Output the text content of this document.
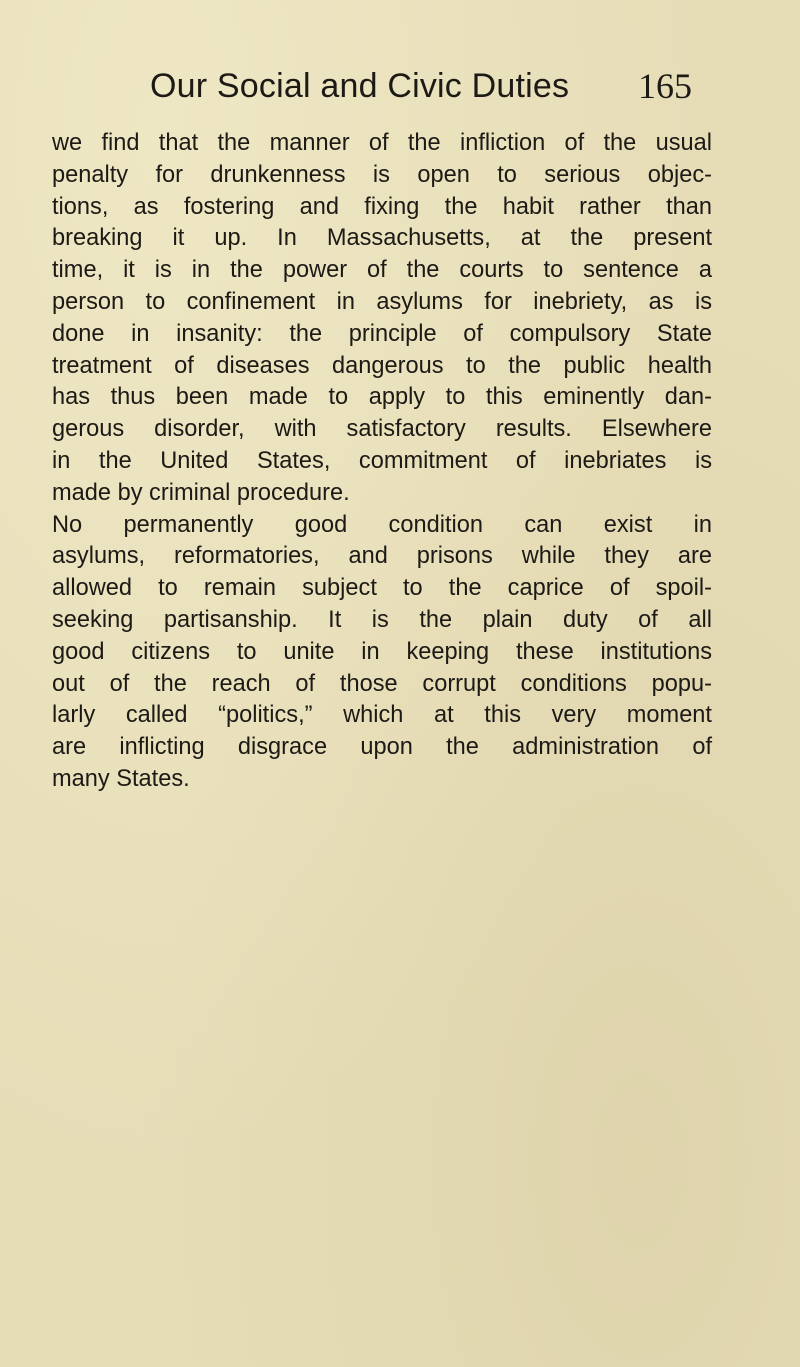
Our Social and Civic Duties 165
we find that the manner of the infliction of the usual
penalty for drunkenness is open to serious objec-
tions, as fostering and fixing the habit rather than
breaking it up. In Massachusetts, at the present
time, it is in the power of the courts to sentence a
person to confinement in asylums for inebriety, as is
done in insanity: the principle of compulsory State
treatment of diseases dangerous to the public health
has thus been made to apply to this eminently dan-
gerous disorder, with satisfactory results. Elsewhere
in the United States, commitment of inebriates is
made by criminal procedure.
No permanently good condition can exist in
asylums, reformatories, and prisons while they are
allowed to remain subject to the caprice of spoil-
seeking partisanship. It is the plain duty of all
good citizens to unite in keeping these institutions
out of the reach of those corrupt conditions popu-
larly called “politics,” which at this very moment
are inflicting disgrace upon the administration of
many States.
